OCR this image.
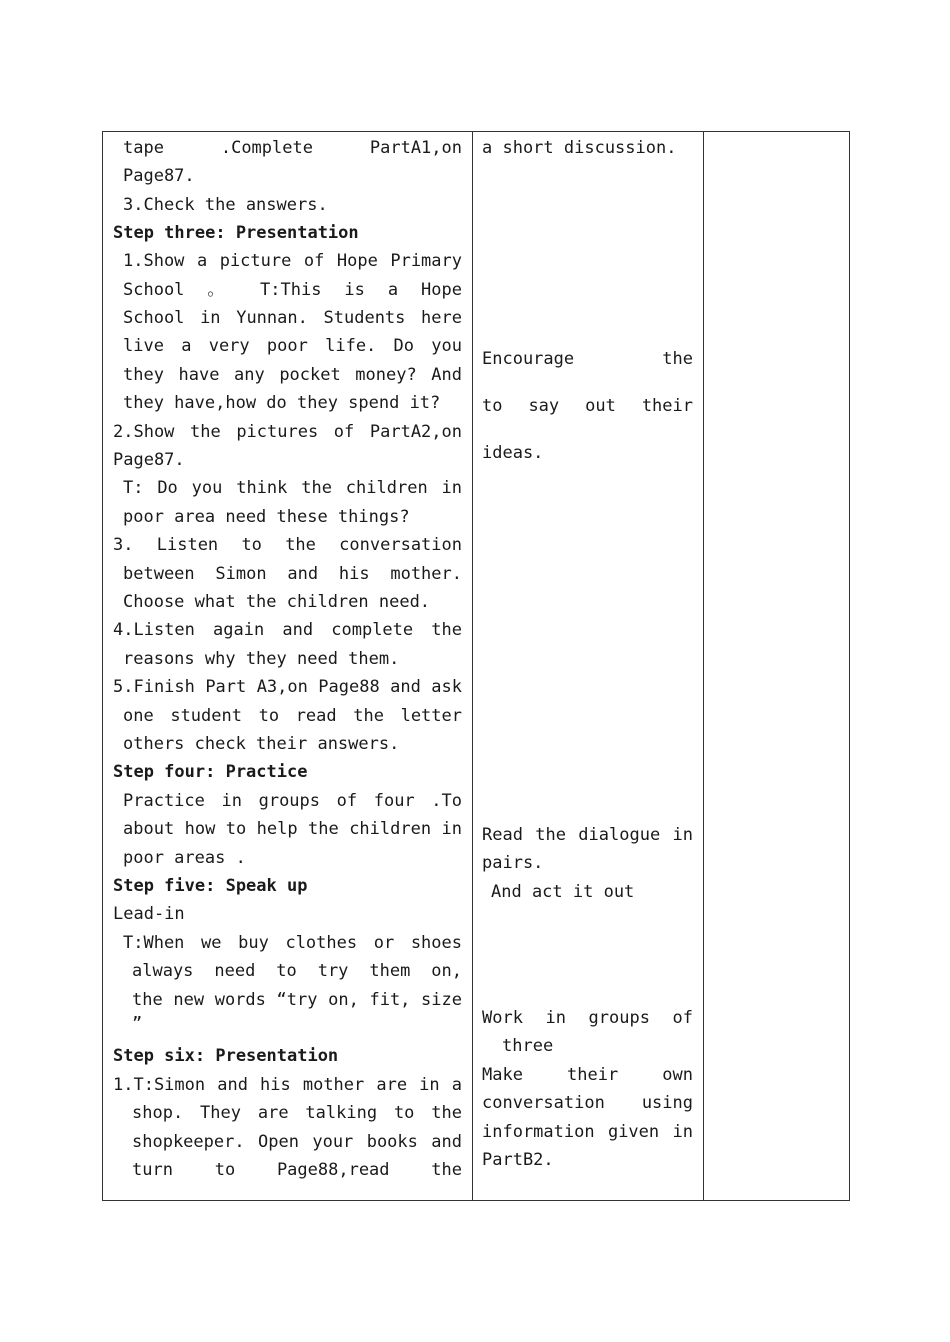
tape .Complete PartA1,on
Page87.
3.Check the answers.
Step three: Presentation
1.Show a picture of Hope Primary
School 。 T:This is a Hope
School in Yunnan. Students here
live a very poor life. Do you
they have any pocket money? And
they have,how do they spend it?
2.Show the pictures of PartA2,on
Page87.
T: Do you think the children in
poor area need these things?
3. Listen to the conversation
between Simon and his mother.
Choose what the children need.
4.Listen again and complete the
reasons why they need them.
5.Finish Part A3,on Page88 and ask
one student to read the letter
others check their answers.
Step four: Practice
Practice in groups of four .To
about how to help the children in
poor areas .
Step five: Speak up
Lead-in
T:When we buy clothes or shoes
always need to try them on,
the new words “try on, fit, size
”
Step six: Presentation
1.T:Simon and his mother are in a
shop. They are talking to the
shopkeeper. Open your books and
turn to Page88,read the

a short discussion.
Encourage the
to say out their
ideas.
Read the dialogue in
pairs.
And act it out
Work in groups of
three
Make their own
conversation using
information given in
PartB2.
